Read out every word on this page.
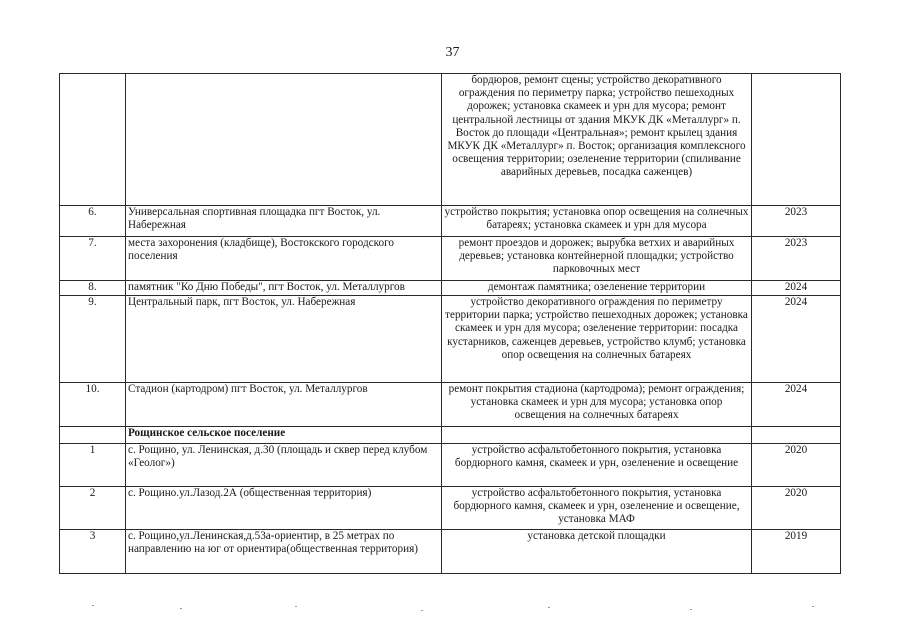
37
		бордюров, ремонт сцены; устройство декоративного ограждения по периметру парка; устройство пешеходных дорожек; установка скамеек и урн для мусора; ремонт центральной лестницы от здания МКУК ДК «Металлург» п. Восток до площади «Центральная»; ремонт крылец здания МКУК ДК «Металлург» п. Восток; организация комплексного освещения территории; озеленение территории (спиливание аварийных деревьев, посадка саженцев)	
6.	Универсальная спортивная площадка пгт Восток, ул. Набережная	устройство покрытия; установка опор освещения на солнечных батареях; установка скамеек и урн для мусора	2023
7.	места захоронения (кладбище), Востокского городского поселения	ремонт проездов и дорожек; вырубка ветхих и аварийных деревьев; установка контейнерной площадки; устройство парковочных мест	2023
8.	памятник "Ко Дню Победы", пгт Восток, ул. Металлургов	демонтаж памятника; озеленение территории	2024
9.	Центральный парк, пгт Восток, ул. Набережная	устройство декоративного ограждения по периметру территории парка; устройство пешеходных дорожек; установка скамеек и урн для мусора; озеленение территории: посадка кустарников, саженцев деревьев, устройство клумб; установка опор освещения на солнечных батареях	2024
10.	Стадион (картодром) пгт Восток, ул. Металлургов	ремонт покрытия стадиона (картодрома); ремонт ограждения; установка скамеек и урн для мусора; установка опор освещения на солнечных батареях	2024
	Рощинское сельское поселение	

1	с. Рощино, ул. Ленинская, д.30 (площадь и сквер перед клубом «Геолог»)	устройство асфальтобетонного покрытия, установка бордюрного камня, скамеек и урн, озеленение и освещение	2020
2	с. Рощино.ул.Лазод.2А (общественная территория)	устройство асфальтобетонного покрытия, установка бордюрного камня, скамеек и урн, озеленение и освещение, установка МАФ	2020
3	с. Рощино,ул.Ленинская,д.53а-ориентир, в 25 метрах по направлению на юг от ориентира(общественная территория)	установка детской площадки	2019
